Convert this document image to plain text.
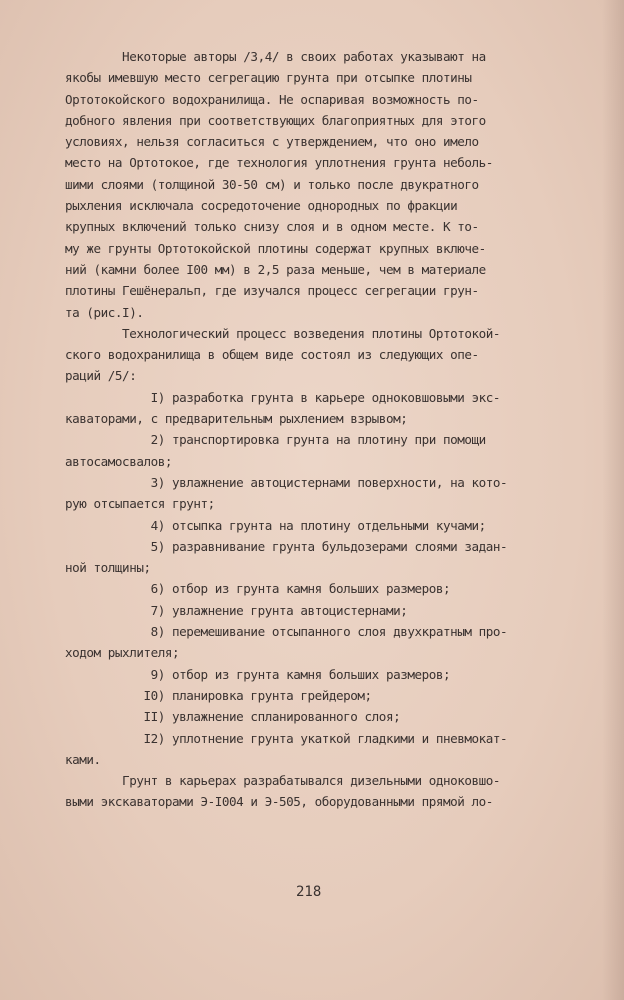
Некоторые авторы /3,4/ в своих работах указывают на
якобы имевшую место сегрегацию грунта при отсыпке плотины
Ортотокойского водохранилища. Не оспаривая возможность по-
добного явления при соответствующих благоприятных для этого
условиях, нельзя согласиться с утверждением, что оно имело
место на Ортотокое, где технология уплотнения грунта неболь-
шими слоями (толщиной 30-50 см) и только после двукратного
рыхления исключала сосредоточение однородных по фракции
крупных включений только снизу слоя и в одном месте. К то-
му же грунты Ортотокойской плотины содержат крупных включе-
ний (камни более I00 мм) в 2,5 раза меньше, чем в материале
плотины Гешёнеральп, где изучался процесс сегрегации грун-
та (рис.I).
Технологический процесс возведения плотины Ортотокой-
ского водохранилища в общем виде состоял из следующих опе-
раций /5/:
I) разработка грунта в карьере одноковшовыми экс-
каваторами, с предварительным рыхлением взрывом;
2) транспортировка грунта на плотину при помощи
автосамосвалов;
3) увлажнение автоцистернами поверхности, на кото-
рую отсыпается грунт;
4) отсыпка грунта на плотину отдельными кучами;
5) разравнивание грунта бульдозерами слоями задан-
ной толщины;
6) отбор из грунта камня больших размеров;
7) увлажнение грунта автоцистернами;
8) перемешивание отсыпанного слоя двухкратным про-
ходом рыхлителя;
9) отбор из грунта камня больших размеров;
I0) планировка грунта грейдером;
II) увлажнение спланированного слоя;
I2) уплотнение грунта укаткой гладкими и пневмокат-
ками.
Грунт в карьерах разрабатывался дизельными одноковшо-
выми экскаваторами Э-I004 и Э-505, оборудованными прямой ло-
218
